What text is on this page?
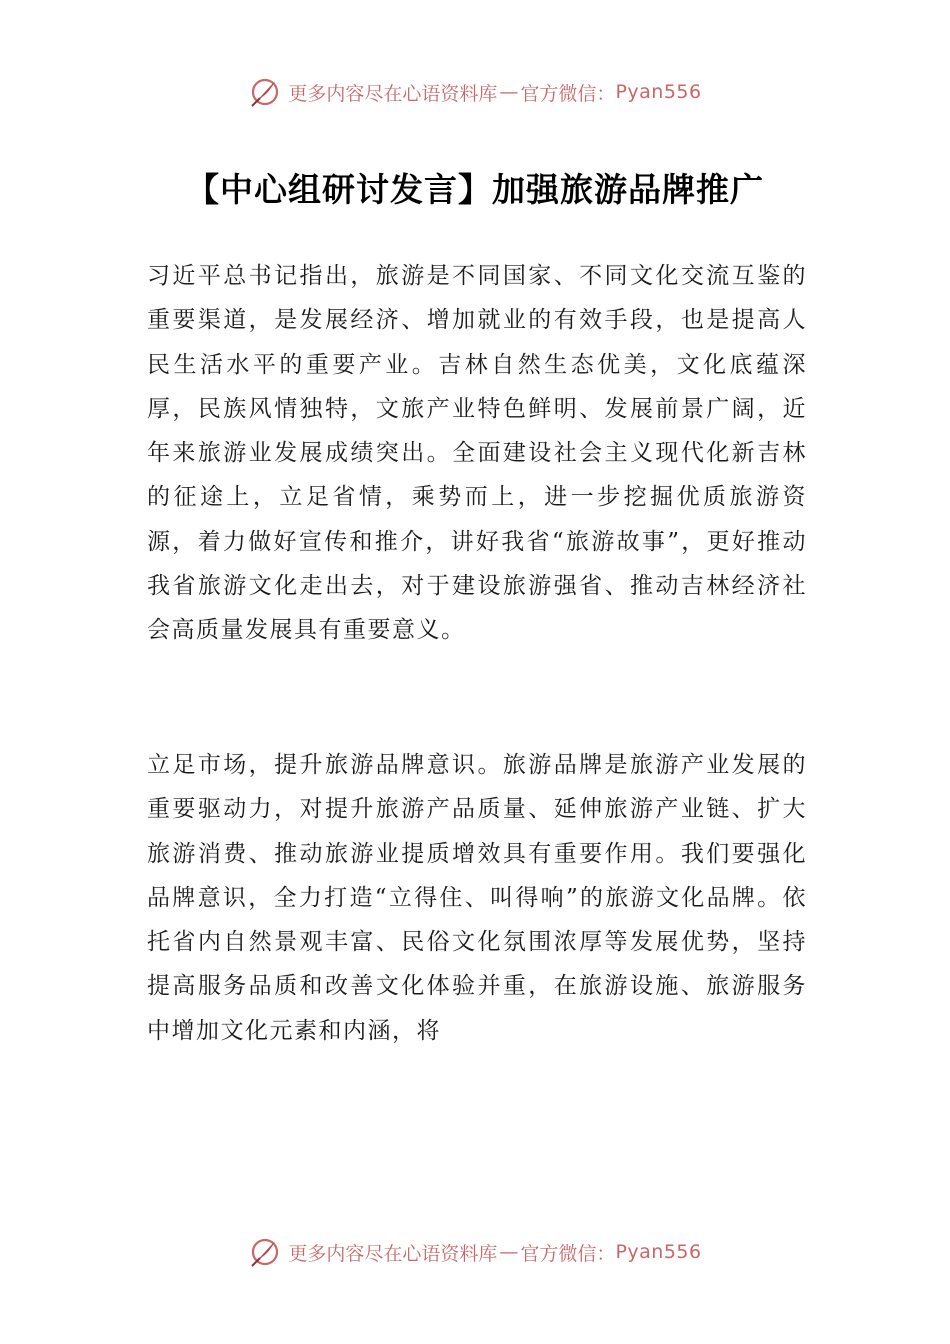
更多内容尽在心语资料库 — 官方微信： Pyan556
【中心组研讨发言】加强旅游品牌推广

习近平总书记指出，旅游是不同国家、不同文化交流互鉴的重要渠道，是发展经济、增加就业的有效手段，也是提高人民生活水平的重要产业。吉林自然生态优美，文化底蕴深厚，民族风情独特，文旅产业特色鲜明、发展前景广阔，近年来旅游业发展成绩突出。全面建设社会主义现代化新吉林的征途上，立足省情，乘势而上，进一步挖掘优质旅游资源，着力做好宣传和推介，讲好我省“旅游故事”，更好推动我省旅游文化走出去，对于建设旅游强省、推动吉林经济社会高质量发展具有重要意义。

立足市场，提升旅游品牌意识。旅游品牌是旅游产业发展的重要驱动力，对提升旅游产品质量、延伸旅游产业链、扩大旅游消费、推动旅游业提质增效具有重要作用。我们要强化品牌意识，全力打造“立得住、叫得响”的旅游文化品牌。依托省内自然景观丰富、民俗文化氛围浓厚等发展优势，坚持提高服务品质和改善文化体验并重，在旅游设施、旅游服务中增加文化元素和内涵，将

更多内容尽在心语资料库 — 官方微信： Pyan556
